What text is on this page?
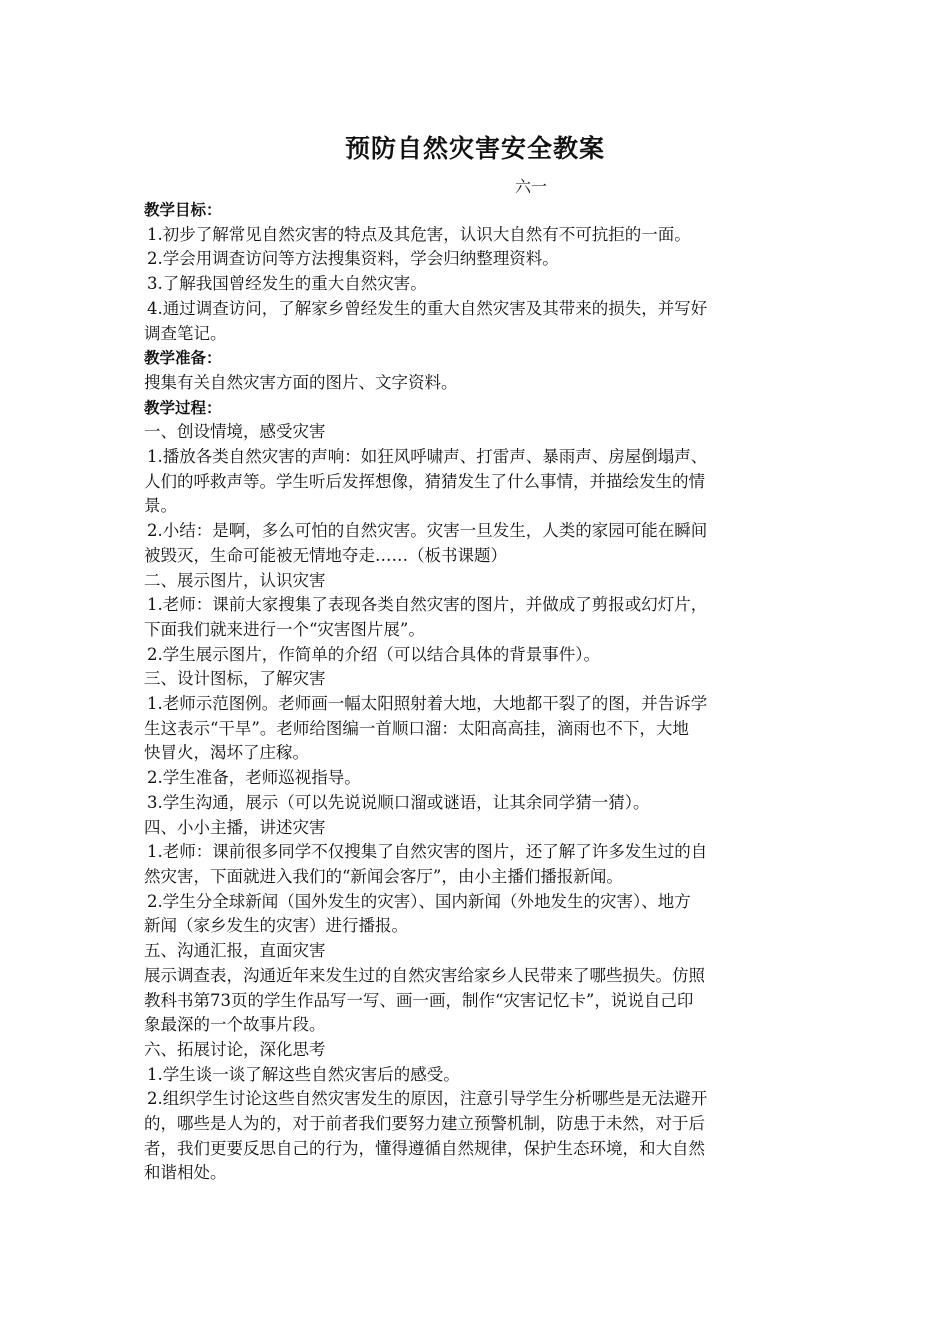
预防自然灾害安全教案
六一

教学目标：

1.初步了解常见自然灾害的特点及其危害，认识大自然有不可抗拒的一面。

2.学会用调查访问等方法搜集资料，学会归纳整理资料。

3.了解我国曾经发生的重大自然灾害。

4.通过调查访问，了解家乡曾经发生的重大自然灾害及其带来的损失，并写好

调查笔记。

教学准备：

搜集有关自然灾害方面的图片、文字资料。

教学过程：

一、创设情境，感受灾害

1.播放各类自然灾害的声响：如狂风呼啸声、打雷声、暴雨声、房屋倒塌声、

人们的呼救声等。学生听后发挥想像，猜猜发生了什么事情，并描绘发生的情

景。

2.小结：是啊，多么可怕的自然灾害。灾害一旦发生，人类的家园可能在瞬间

被毁灭，生命可能被无情地夺走……（板书课题）

二、展示图片，认识灾害

1.老师：课前大家搜集了表现各类自然灾害的图片，并做成了剪报或幻灯片，

下面我们就来进行一个“灾害图片展”。

2.学生展示图片，作简单的介绍（可以结合具体的背景事件）。

三、设计图标，了解灾害

1.老师示范图例。老师画一幅太阳照射着大地，大地都干裂了的图，并告诉学

生这表示“干旱”。老师给图编一首顺口溜：太阳高高挂，滴雨也不下，大地

快冒火，渴坏了庄稼。

2.学生准备，老师巡视指导。

3.学生沟通，展示（可以先说说顺口溜或谜语，让其余同学猜一猜）。

四、小小主播，讲述灾害

1.老师：课前很多同学不仅搜集了自然灾害的图片，还了解了许多发生过的自

然灾害，下面就进入我们的“新闻会客厅”，由小主播们播报新闻。

2.学生分全球新闻（国外发生的灾害）、国内新闻（外地发生的灾害）、地方

新闻（家乡发生的灾害）进行播报。

五、沟通汇报，直面灾害

展示调查表，沟通近年来发生过的自然灾害给家乡人民带来了哪些损失。仿照

教科书第73页的学生作品写一写、画一画，制作“灾害记忆卡”，说说自己印

象最深的一个故事片段。

六、拓展讨论，深化思考

1.学生谈一谈了解这些自然灾害后的感受。

2.组织学生讨论这些自然灾害发生的原因，注意引导学生分析哪些是无法避开

的，哪些是人为的，对于前者我们要努力建立预警机制，防患于未然，对于后

者，我们更要反思自己的行为，懂得遵循自然规律，保护生态环境，和大自然

和谐相处。
